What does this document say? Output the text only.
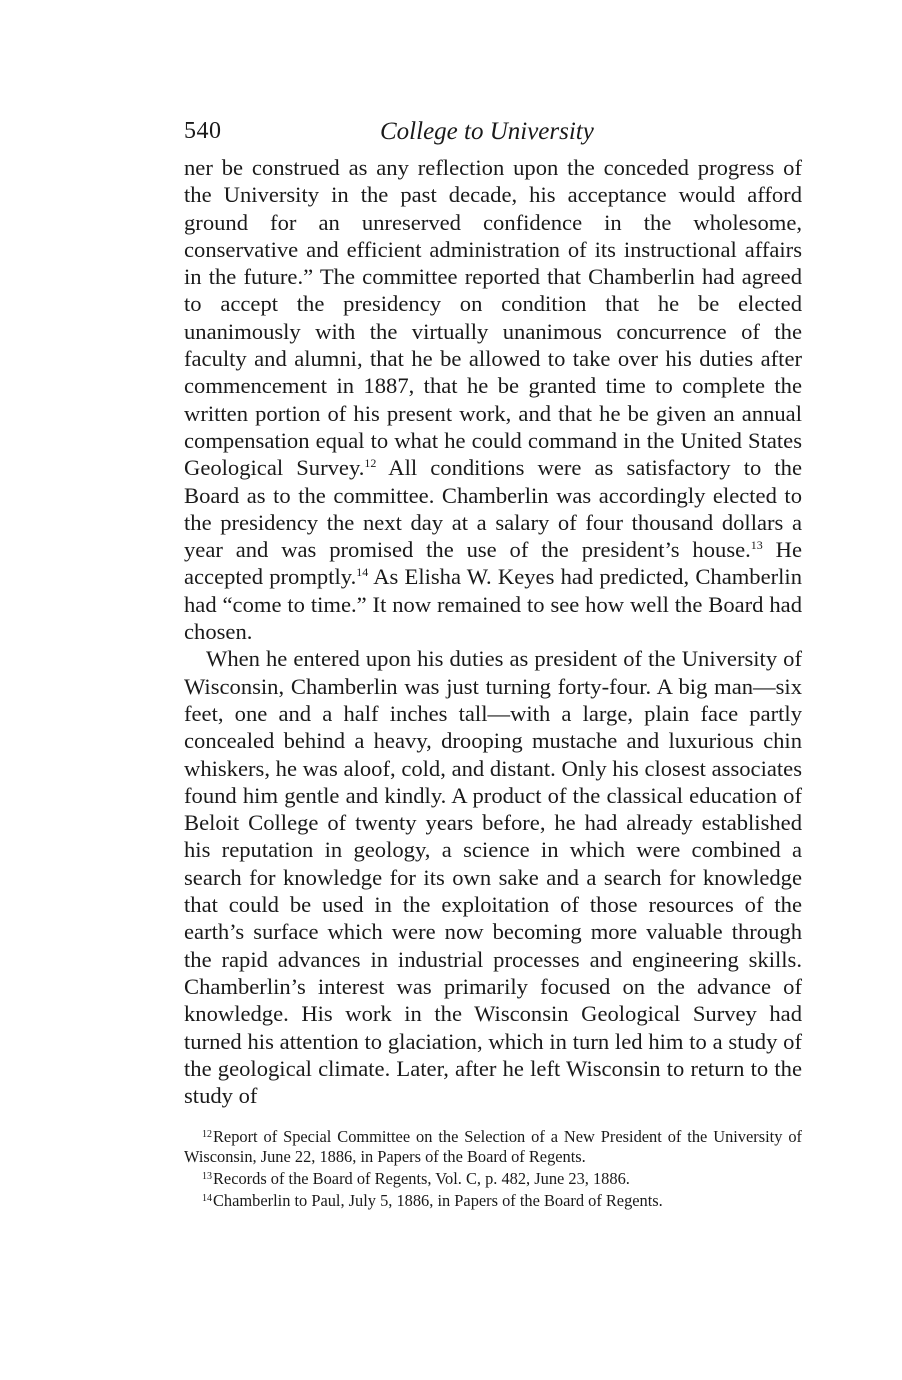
540	College to University

ner be construed as any reflection upon the conceded progress of the University in the past decade, his acceptance would afford ground for an unreserved confidence in the wholesome, conservative and efficient administration of its instructional affairs in the future.” The committee reported that Chamberlin had agreed to accept the presidency on condition that he be elected unanimously with the virtually unanimous concurrence of the faculty and alumni, that he be allowed to take over his duties after commencement in 1887, that he be granted time to complete the written portion of his present work, and that he be given an annual compensation equal to what he could command in the United States Geological Survey.$^{12}$ All conditions were as satisfactory to the Board as to the committee. Chamberlin was accordingly elected to the presidency the next day at a salary of four thousand dollars a year and was promised the use of the president’s house.$^{13}$ He accepted promptly.$^{14}$ As Elisha W. Keyes had predicted, Chamberlin had “come to time.” It now remained to see how well the Board had chosen.

When he entered upon his duties as president of the University of Wisconsin, Chamberlin was just turning forty-four. A big man—six feet, one and a half inches tall—with a large, plain face partly concealed behind a heavy, drooping mustache and luxurious chin whiskers, he was aloof, cold, and distant. Only his closest associates found him gentle and kindly. A product of the classical education of Beloit College of twenty years before, he had already established his reputation in geology, a science in which were combined a search for knowledge for its own sake and a search for knowledge that could be used in the exploitation of those resources of the earth’s surface which were now becoming more valuable through the rapid advances in industrial processes and engineering skills. Chamberlin’s interest was primarily focused on the advance of knowledge. His work in the Wisconsin Geological Survey had turned his attention to glaciation, which in turn led him to a study of the geological climate. Later, after he left Wisconsin to return to the study of

$^{12}$Report of Special Committee on the Selection of a New President of the University of Wisconsin, June 22, 1886, in Papers of the Board of Regents.

$^{13}$Records of the Board of Regents, Vol. C, p. 482, June 23, 1886.

$^{14}$Chamberlin to Paul, July 5, 1886, in Papers of the Board of Regents.
